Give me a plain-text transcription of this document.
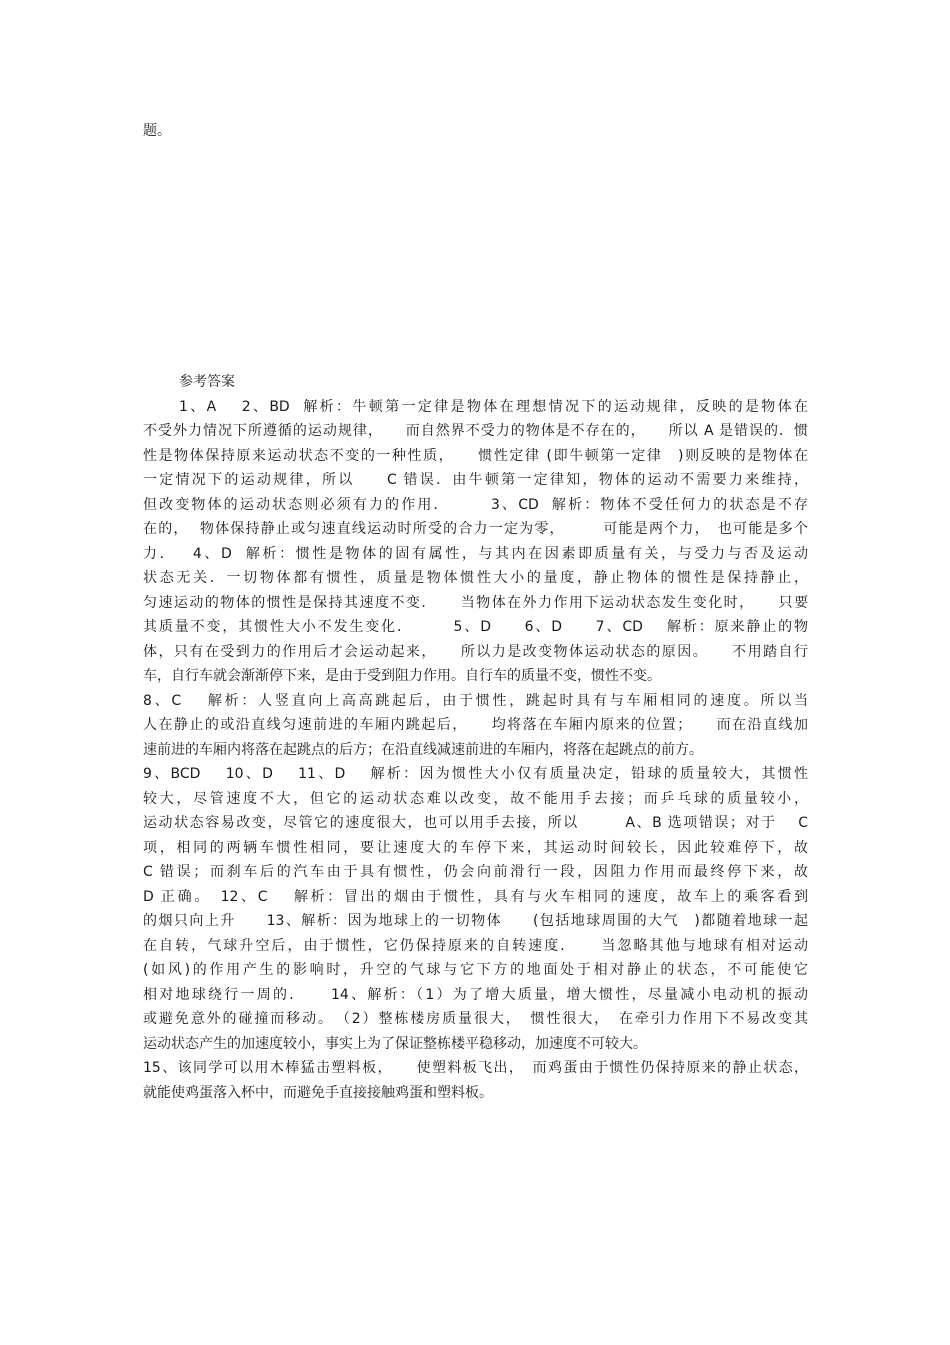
题。

参考答案

1、A　 2、BD  解析：牛顿第一定律是物体在理想情况下的运动规律，反映的是物体在

不受外力情况下所遵循的运动规律，　　而自然界不受力的物体是不存在的，　　所以 A 是错误的．惯

性是物体保持原来运动状态不变的一种性质，　　惯性定律 (即牛顿第一定律　)则反映的是物体在

一定情况下的运动规律，所以　　C 错误．由牛顿第一定律知，物体的运动不需要力来维持，

但改变物体的运动状态则必须有力的作用．　　　3、CD  解析：物体不受任何力的状态是不存

在的，  物体保持静止或匀速直线运动时所受的合力一定为零，　　　可能是两个力，　也可能是多个

力．　 4、D  解析：惯性是物体的固有属性，与其内在因素即质量有关，与受力与否及运动

状态无关．一切物体都有惯性，质量是物体惯性大小的量度，静止物体的惯性是保持静止，

匀速运动的物体的惯性是保持其速度不变．　　当物体在外力作用下运动状态发生变化时，　　只要

其质量不变，其惯性大小不发生变化．　　　5、D　　6、D　　7、CD　 解析：原来静止的物

体，只有在受到力的作用后才会运动起来，　　所以力是改变物体运动状态的原因。　　不用踏自行

车，自行车就会渐渐停下来，是由于受到阻力作用。自行车的质量不变，惯性不变。

8、C　 解析：人竖直向上高高跳起后，由于惯性，跳起时具有与车厢相同的速度。所以当

人在静止的或沿直线匀速前进的车厢内跳起后，　　均将落在车厢内原来的位置；　　而在沿直线加

速前进的车厢内将落在起跳点的后方；在沿直线减速前进的车厢内，将落在起跳点的前方。

9、BCD　 10、D　 11、D　 解析：因为惯性大小仅有质量决定，铅球的质量较大，其惯性

较大，尽管速度不大，但它的运动状态难以改变，故不能用手去接；而乒乓球的质量较小，

运动状态容易改变，尽管它的速度很大，也可以用手去接，所以　　　A、B 选项错误；对于　 C

项，相同的两辆车惯性相同，要让速度大的车停下来，其运动时间较长，因此较难停下，故

C 错误；而刹车后的汽车由于具有惯性，仍会向前滑行一段，因阻力作用而最终停下来，故

D 正确。　12、C　 解析：冒出的烟由于惯性，具有与火车相同的速度，故车上的乘客看到

的烟只向上升　　13、解析：因为地球上的一切物体　　(包括地球周围的大气　)都随着地球一起

在自转，气球升空后，由于惯性，它仍保持原来的自转速度．　　当忽略其他与地球有相对运动

(如风)的作用产生的影响时，升空的气球与它下方的地面处于相对静止的状态，不可能使它

相对地球绕行一周的．　　14、解析：（1）为了增大质量，增大惯性，尽量减小电动机的振动

或避免意外的碰撞而移动。　（2）整栋楼房质量很大，　惯性很大，　在牵引力作用下不易改变其

运动状态产生的加速度较小，事实上为了保证整栋楼平稳移动，加速度不可较大。

15、该同学可以用木棒猛击塑料板，　　使塑料板飞出，　而鸡蛋由于惯性仍保持原来的静止状态，

就能使鸡蛋落入杯中，而避免手直接接触鸡蛋和塑料板。
